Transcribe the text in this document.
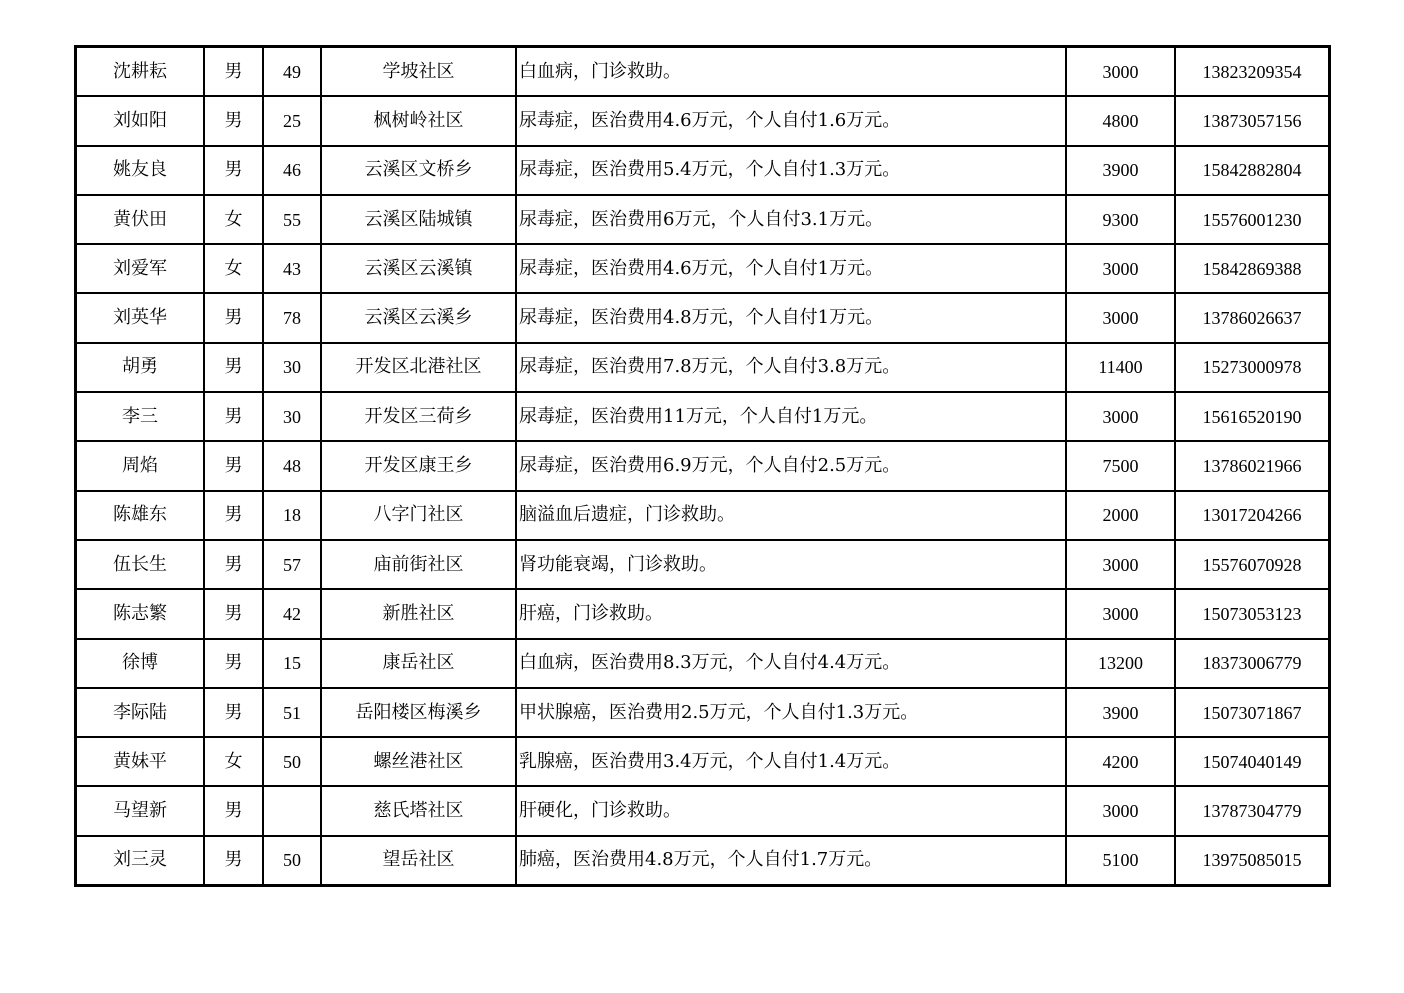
沈耕耘	男	49	学坡社区	白血病，门诊救助。	3000	13823209354
刘如阳	男	25	枫树岭社区	尿毒症，医治费用4.6万元，个人自付1.6万元。	4800	13873057156
姚友良	男	46	云溪区文桥乡	尿毒症，医治费用5.4万元，个人自付1.3万元。	3900	15842882804
黄伏田	女	55	云溪区陆城镇	尿毒症，医治费用6万元，个人自付3.1万元。	9300	15576001230
刘爱军	女	43	云溪区云溪镇	尿毒症，医治费用4.6万元，个人自付1万元。	3000	15842869388
刘英华	男	78	云溪区云溪乡	尿毒症，医治费用4.8万元，个人自付1万元。	3000	13786026637
胡勇	男	30	开发区北港社区	尿毒症，医治费用7.8万元，个人自付3.8万元。	11400	15273000978
李三	男	30	开发区三荷乡	尿毒症，医治费用11万元，个人自付1万元。	3000	15616520190
周焰	男	48	开发区康王乡	尿毒症，医治费用6.9万元，个人自付2.5万元。	7500	13786021966
陈雄东	男	18	八字门社区	脑溢血后遗症，门诊救助。	2000	13017204266
伍长生	男	57	庙前街社区	肾功能衰竭，门诊救助。	3000	15576070928
陈志繁	男	42	新胜社区	肝癌，门诊救助。	3000	15073053123
徐博	男	15	康岳社区	白血病，医治费用8.3万元，个人自付4.4万元。	13200	18373006779
李际陆	男	51	岳阳楼区梅溪乡	甲状腺癌，医治费用2.5万元，个人自付1.3万元。	3900	15073071867
黄妹平	女	50	螺丝港社区	乳腺癌，医治费用3.4万元，个人自付1.4万元。	4200	15074040149
马望新	男		慈氏塔社区	肝硬化，门诊救助。	3000	13787304779
刘三灵	男	50	望岳社区	肺癌，医治费用4.8万元，个人自付1.7万元。	5100	13975085015
